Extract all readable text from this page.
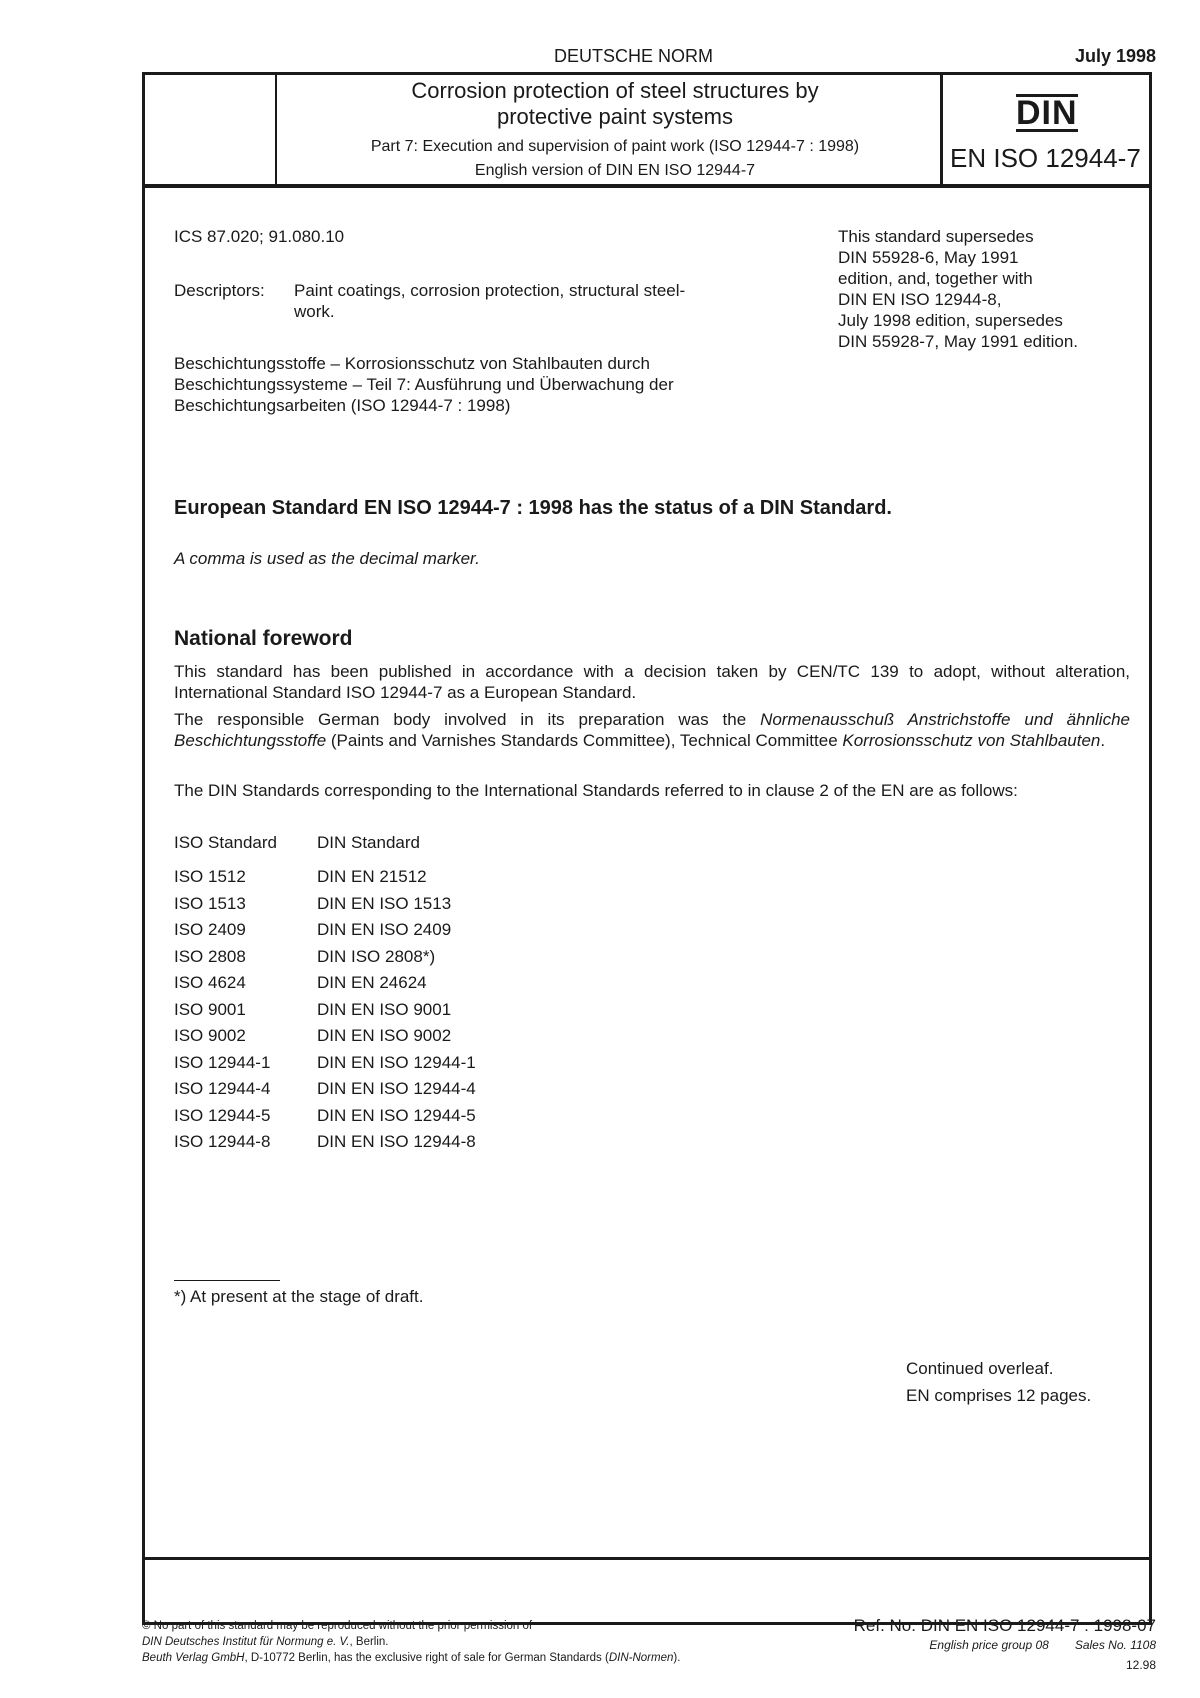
DEUTSCHE NORM	July 1998
Corrosion protection of steel structures by
protective paint systems
Part 7: Execution and supervision of paint work (ISO 12944-7 : 1998)
English version of DIN EN ISO 12944-7
DIN
EN ISO 12944-7
ICS 87.020; 91.080.10
Descriptors: Paint coatings, corrosion protection, structural steel-
work.
This standard supersedes
DIN 55928-6, May 1991
edition, and, together with
DIN EN ISO 12944-8,
July 1998 edition, supersedes
DIN 55928-7, May 1991 edition.
Beschichtungsstoffe – Korrosionsschutz von Stahlbauten durch
Beschichtungssysteme – Teil 7: Ausführung und Überwachung der
Beschichtungsarbeiten (ISO 12944-7 : 1998)
European Standard EN ISO 12944-7 : 1998 has the status of a DIN Standard.
A comma is used as the decimal marker.
National foreword
This standard has been published in accordance with a decision taken by CEN/TC 139 to adopt, without alteration, International Standard ISO 12944-7 as a European Standard.
The responsible German body involved in its preparation was the Normenausschuß Anstrichstoffe und ähnliche Beschichtungsstoffe (Paints and Varnishes Standards Committee), Technical Committee Korrosionsschutz von Stahlbauten.
The DIN Standards corresponding to the International Standards referred to in clause 2 of the EN are as follows:
ISO Standard	DIN Standard
ISO 1512	DIN EN 21512
ISO 1513	DIN EN ISO 1513
ISO 2409	DIN EN ISO 2409
ISO 2808	DIN ISO 2808*)
ISO 4624	DIN EN 24624
ISO 9001	DIN EN ISO 9001
ISO 9002	DIN EN ISO 9002
ISO 12944-1	DIN EN ISO 12944-1
ISO 12944-4	DIN EN ISO 12944-4
ISO 12944-5	DIN EN ISO 12944-5
ISO 12944-8	DIN EN ISO 12944-8
*) At present at the stage of draft.
Continued overleaf.
EN comprises 12 pages.
© No part of this standard may be reproduced without the prior permission of
DIN Deutsches Institut für Normung e. V., Berlin.
Beuth Verlag GmbH, D-10772 Berlin, has the exclusive right of sale for German Standards (DIN-Normen).
Ref. No. DIN EN ISO 12944-7 : 1998-07
English price group 08 Sales No. 1108
12.98
